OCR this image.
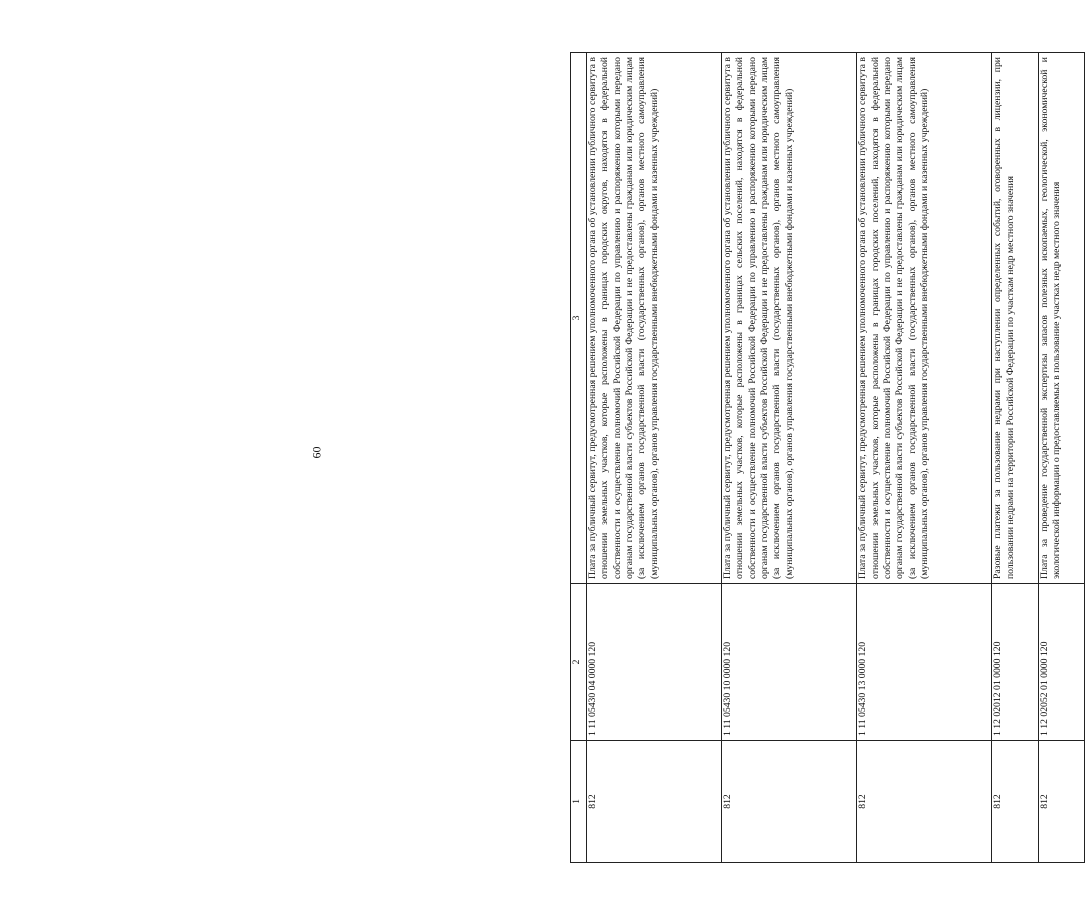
60
1	2	3
812	1 11 05430 04 0000 120	Плата за публичный сервитут, предусмотренная решением уполномоченного органа об установлении публичного сервитута в отношении земельных участков, которые расположены в границах городских округов, находятся в федеральной собственности и осуществление полномочий Российской Федерации по управлению и распоряжению которыми передано органам государственной власти субъектов Российской Федерации и не предоставлены гражданам или юридическим лицам (за исключением органов государственной власти (государственных органов), органов местного самоуправления (муниципальных органов), органов управления государственными внебюджетными фондами и казенных учреждений)
812	1 11 05430 10 0000 120	Плата за публичный сервитут, предусмотренная решением уполномоченного органа об установлении публичного сервитута в отношении земельных участков, которые расположены в границах сельских поселений, находятся в федеральной собственности и осуществление полномочий Российской Федерации по управлению и распоряжению которыми передано органам государственной власти субъектов Российской Федерации и не предоставлены гражданам или юридическим лицам (за исключением органов государственной власти (государственных органов), органов местного самоуправления (муниципальных органов), органов управления государственными внебюджетными фондами и казенных учреждений)
812	1 11 05430 13 0000 120	Плата за публичный сервитут, предусмотренная решением уполномоченного органа об установлении публичного сервитута в отношении земельных участков, которые расположены в границах городских поселений, находятся в федеральной собственности и осуществление полномочий Российской Федерации по управлению и распоряжению которыми передано органам государственной власти субъектов Российской Федерации и не предоставлены гражданам или юридическим лицам (за исключением органов государственной власти (государственных органов), органов местного самоуправления (муниципальных органов), органов управления государственными внебюджетными фондами и казенных учреждений)
812	1 12 02012 01 0000 120	Разовые платежи за пользование недрами при наступлении определенных событий, оговоренных в лицензии, при пользовании недрами на территории Российской Федерации по участкам недр местного значения
812	1 12 02052 01 0000 120	Плата за проведение государственной экспертизы запасов полезных ископаемых, геологической, экономической и экологической информации о предоставляемых в пользование участках недр местного значения
